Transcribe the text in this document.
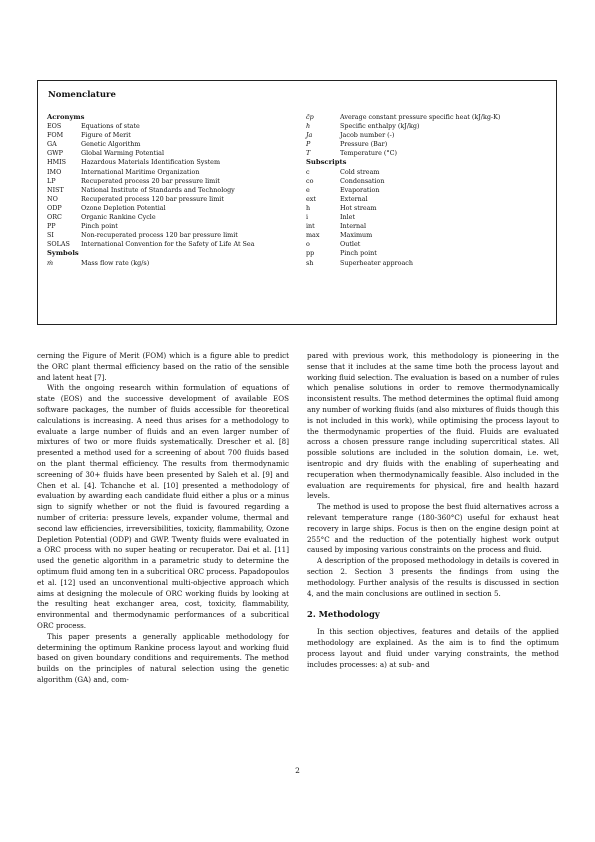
Nomenclature
Acronyms
EOS	Equations of state
FOM	Figure of Merit
GA	Genetic Algorithm
GWP	Global Warming Potential
HMIS	Hazardous Materials Identification System
IMO	International Maritime Organization
LP	Recuperated process 20 bar pressure limit
NIST	National Institute of Standards and Technology
NO	Recuperated process 120 bar pressure limit
ODP	Ozone Depletion Potential
ORC	Organic Rankine Cycle
PP	Pinch point
SI	Non-recuperated process 120 bar pressure limit
SOLAS	International Convention for the Safety of Life At Sea
Symbols
ṁ	Mass flow rate (kg/s)
c̄p	Average constant pressure specific heat (kJ/kg-K)
h	Specific enthalpy (kJ/kg)
Ja	Jacob number (-)
P	Pressure (Bar)
T	Temperature (°C)
Subscripts
c	Cold stream
co	Condensation
e	Evaporation
ext	External
h	Hot stream
i	Inlet
int	Internal
max	Maximum
o	Outlet
pp	Pinch point
sh	Superheater approach

cerning the Figure of Merit (FOM) which is a figure able to predict the ORC plant thermal efficiency based on the ratio of the sensible and latent heat [7].

With the ongoing research within formulation of equations of state (EOS) and the successive development of available EOS software packages, the number of fluids accessible for theoretical calculations is increasing. A need thus arises for a methodology to evaluate a large number of fluids and an even larger number of mixtures of two or more fluids systematically. Drescher et al. [8] presented a method used for a screening of about 700 fluids based on the plant thermal efficiency. The results from thermodynamic screening of 30+ fluids have been presented by Saleh et al. [9] and Chen et al. [4]. Tchanche et al. [10] presented a methodology of evaluation by awarding each candidate fluid either a plus or a minus sign to signify whether or not the fluid is favoured regarding a number of criteria: pressure levels, expander volume, thermal and second law efficiencies, irreversibilities, toxicity, flammability, Ozone Depletion Potential (ODP) and GWP. Twenty fluids were evaluated in a ORC process with no super heating or recuperator. Dai et al. [11] used the genetic algorithm in a parametric study to determine the optimum fluid among ten in a subcritical ORC process. Papadopoulos et al. [12] used an unconventional multi-objective approach which aims at designing the molecule of ORC working fluids by looking at the resulting heat exchanger area, cost, toxicity, flammability, environmental and thermodynamic performances of a subcritical ORC process.

This paper presents a generally applicable methodology for determining the optimum Rankine process layout and working fluid based on given boundary conditions and requirements. The method builds on the principles of natural selection using the genetic algorithm (GA) and, com-

pared with previous work, this methodology is pioneering in the sense that it includes at the same time both the process layout and working fluid selection. The evaluation is based on a number of rules which penalise solutions in order to remove thermodynamically inconsistent results. The method determines the optimal fluid among any number of working fluids (and also mixtures of fluids though this is not included in this work), while optimising the process layout to the thermodynamic properties of the fluid. Fluids are evaluated across a chosen pressure range including supercritical states. All possible solutions are included in the solution domain, i.e. wet, isentropic and dry fluids with the enabling of superheating and recuperation when thermodynamically feasible. Also included in the evaluation are requirements for physical, fire and health hazard levels.

The method is used to propose the best fluid alternatives across a relevant temperature range (180-360°C) useful for exhaust heat recovery in large ships. Focus is then on the engine design point at 255°C and the reduction of the potentially highest work output caused by imposing various constraints on the process and fluid.

A description of the proposed methodology in details is covered in section 2. Section 3 presents the findings from using the methodology. Further analysis of the results is discussed in section 4, and the main conclusions are outlined in section 5.

2. Methodology

In this section objectives, features and details of the applied methodology are explained. As the aim is to find the optimum process layout and fluid under varying constraints, the method includes processes: a) at sub- and

2
